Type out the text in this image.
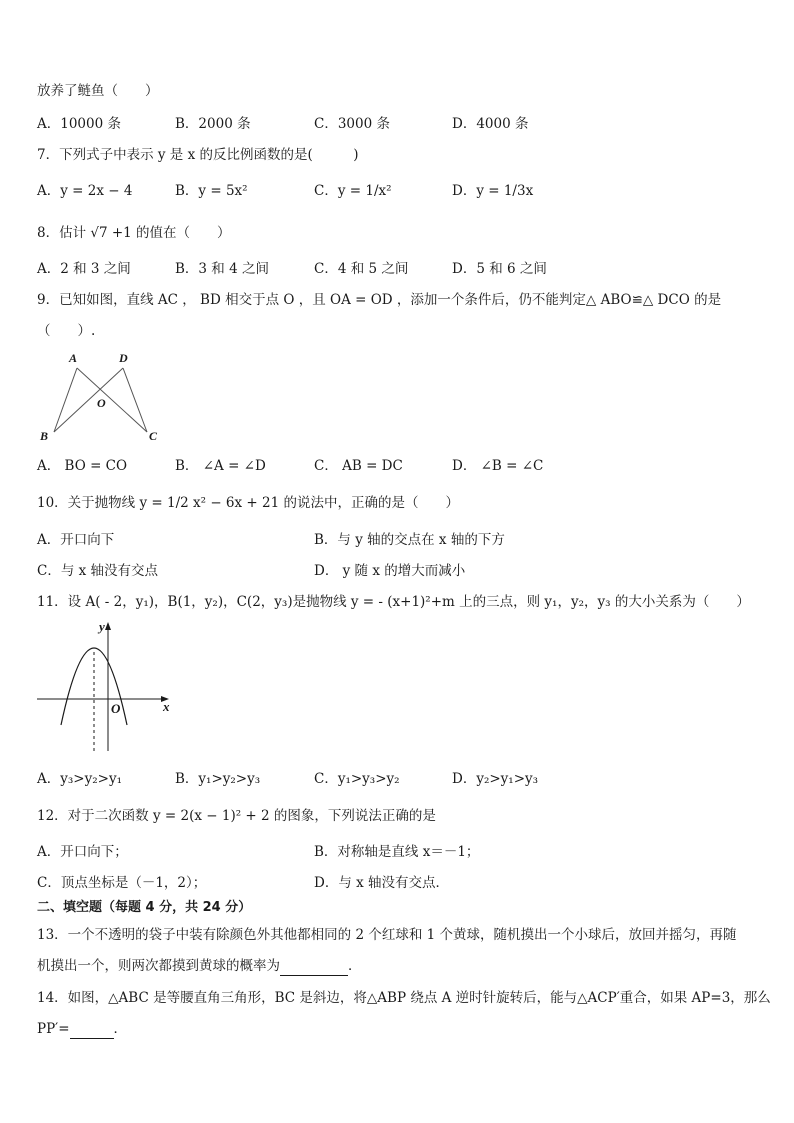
放养了鲢鱼（　　）
A．10000 条	B．2000 条	C．3000 条	D．4000 条
7．下列式子中表示 y 是 x 的反比例函数的是(　　　)
A．y = 2x − 4	B．y = 5x²	C．y = 1/x²	D．y = 1/3x
8．估计 √7 +1 的值在（　　）
A．2 和 3 之间	B．3 和 4 之间	C．4 和 5 之间	D．5 和 6 之间
9．已知如图，直线 AC ， BD 相交于点 O ，且 OA = OD ，添加一个条件后，仍不能判定△ ABO≌△ DCO 的是
（　　）.
A	D
O
B	C
A． BO = CO	B． ∠A = ∠D	C． AB = DC	D． ∠B = ∠C
10．关于抛物线 y = 1/2 x² − 6x + 21 的说法中，正确的是（　　）
A．开口向下	B．与 y 轴的交点在 x 轴的下方
C．与 x 轴没有交点	D． y 随 x 的增大而减小
11．设 A( - 2，y₁)，B(1，y₂)，C(2，y₃)是抛物线 y = - (x+1)²+m 上的三点，则 y₁，y₂，y₃ 的大小关系为（　　）
y
O	x
A．y₃>y₂>y₁	B．y₁>y₂>y₃	C．y₁>y₃>y₂	D．y₂>y₁>y₃
12．对于二次函数 y = 2(x − 1)² + 2 的图象，下列说法正确的是
A．开口向下；	B．对称轴是直线 x＝－1；
C．顶点坐标是（－1，2）；	D．与 x 轴没有交点．
二、填空题（每题 4 分，共 24 分）
13．一个不透明的袋子中装有除颜色外其他都相同的 2 个红球和 1 个黄球，随机摸出一个小球后，放回并摇匀，再随
机摸出一个，则两次都摸到黄球的概率为	．
14．如图，△ABC 是等腰直角三角形，BC 是斜边，将△ABP 绕点 A 逆时针旋转后，能与△ACP′重合，如果 AP=3，那么
PP′=	．
